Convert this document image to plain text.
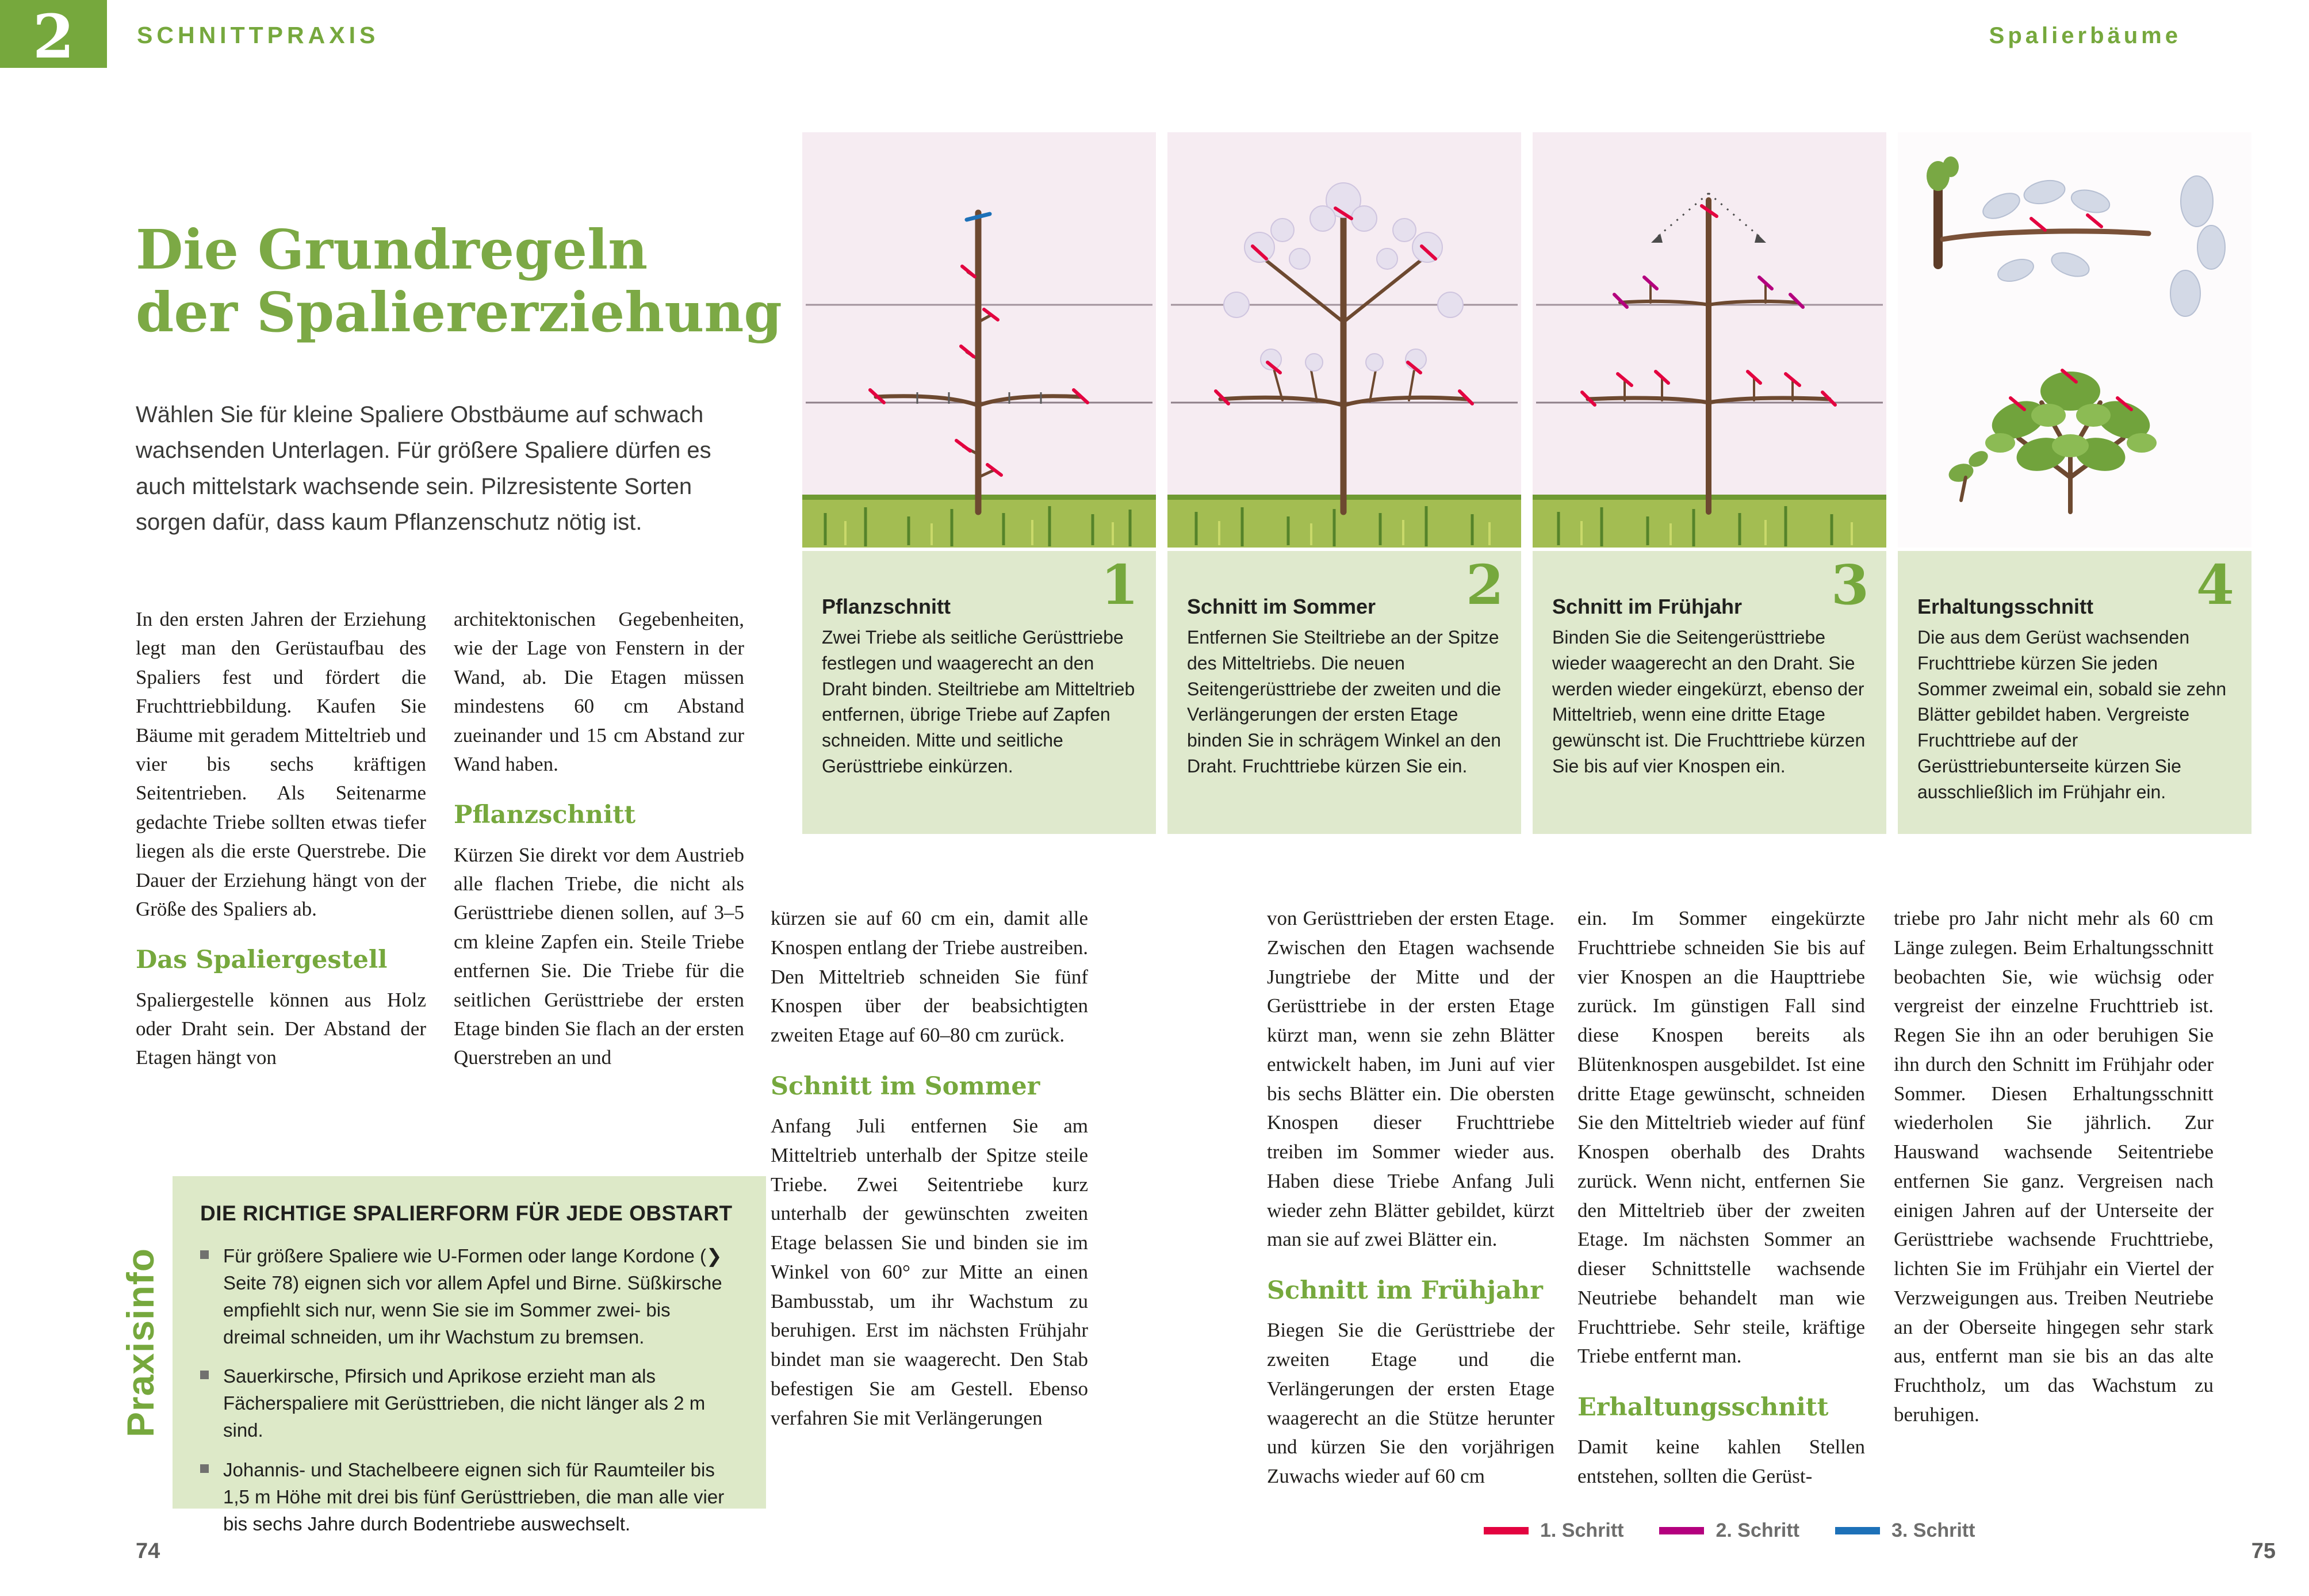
2	SCHNITTPRAXIS	Spalierbäume
Die Grundregeln
der Spaliererziehung
Wählen Sie für kleine Spaliere Obstbäume auf schwach wachsenden Unterlagen. Für größere Spaliere dürfen es auch mittelstark wachsende sein. Pilzresistente Sorten sorgen dafür, dass kaum Pflanzenschutz nötig ist.

In den ersten Jahren der Erziehung legt man den Gerüstaufbau des Spaliers fest und fördert die Fruchttriebbildung. Kaufen Sie Bäume mit geradem Mitteltrieb und vier bis sechs kräftigen Seitentrieben. Als Seitenarme gedachte Triebe sollten etwas tiefer liegen als die erste Querstrebe. Die Dauer der Erziehung hängt von der Größe des Spaliers ab.

Das Spaliergestell

Spaliergestelle können aus Holz oder Draht sein. Der Abstand der Etagen hängt von

architektonischen Gegebenheiten, wie der Lage von Fenstern in der Wand, ab. Die Etagen müssen mindestens 60 cm Abstand zueinander und 15 cm Abstand zur Wand haben.

Pflanzschnitt

Kürzen Sie direkt vor dem Austrieb alle flachen Triebe, die nicht als Gerüsttriebe dienen sollen, auf 3–5 cm kleine Zapfen ein. Steile Triebe entfernen Sie. Die Triebe für die seitlichen Gerüsttriebe der ersten Etage binden Sie flach an der ersten Querstreben an und

Praxisinfo
DIE RICHTIGE SPALIERFORM FÜR JEDE OBSTART
Für größere Spaliere wie U-Formen oder lange Kordone (❯ Seite 78) eignen sich vor allem Apfel und Birne. Süßkirsche empfiehlt sich nur, wenn Sie sie im Sommer zwei- bis dreimal schneiden, um ihr Wachstum zu bremsen.
Sauerkirsche, Pfirsich und Aprikose erzieht man als Fächerspaliere mit Gerüsttrieben, die nicht länger als 2 m sind.
Johannis- und Stachelbeere eignen sich für Raumteiler bis 1,5 m Höhe mit drei bis fünf Gerüsttrieben, die man alle vier bis sechs Jahre durch Bodentriebe auswechselt.
1
Pflanzschnitt
Zwei Triebe als seitliche Gerüsttriebe festlegen und waagerecht an den Draht binden. Steiltriebe am Mitteltrieb entfernen, übrige Triebe auf Zapfen schneiden. Mitte und seitliche Gerüsttriebe einkürzen.
2
Schnitt im Sommer
Entfernen Sie Steiltriebe an der Spitze des Mitteltriebs. Die neuen Seitengerüsttriebe der zweiten und die Verlängerungen der ersten Etage binden Sie in schrägem Winkel an den Draht. Fruchttriebe kürzen Sie ein.
3
Schnitt im Frühjahr
Binden Sie die Seitengerüsttriebe wieder waagerecht an den Draht. Sie werden wieder eingekürzt, ebenso der Mitteltrieb, wenn eine dritte Etage gewünscht ist. Die Fruchttriebe kürzen Sie bis auf vier Knospen ein.
4
Erhaltungsschnitt
Die aus dem Gerüst wachsenden Fruchttriebe kürzen Sie jeden Sommer zweimal ein, sobald sie zehn Blätter gebildet haben. Vergreiste Fruchttriebe auf der Gerüsttriebunterseite kürzen Sie ausschließlich im Frühjahr ein.

kürzen sie auf 60 cm ein, damit alle Knospen entlang der Triebe austreiben. Den Mitteltrieb schneiden Sie fünf Knospen über der beabsichtigten zweiten Etage auf 60–80 cm zurück.

Schnitt im Sommer

Anfang Juli entfernen Sie am Mitteltrieb unterhalb der Spitze steile Triebe. Zwei Seitentriebe kurz unterhalb der gewünschten zweiten Etage belassen Sie und binden sie im Winkel von 60° zur Mitte an einen Bambusstab, um ihr Wachstum zu beruhigen. Erst im nächsten Frühjahr bindet man sie waagerecht. Den Stab befestigen Sie am Gestell. Ebenso verfahren Sie mit Verlängerungen

von Gerüsttrieben der ersten Etage. Zwischen den Etagen wachsende Jungtriebe der Mitte und der Gerüsttriebe in der ersten Etage kürzt man, wenn sie zehn Blätter entwickelt haben, im Juni auf vier bis sechs Blätter ein. Die obersten Knospen dieser Fruchttriebe treiben im Sommer wieder aus. Haben diese Triebe Anfang Juli wieder zehn Blätter gebildet, kürzt man sie auf zwei Blätter ein.

Schnitt im Frühjahr

Biegen Sie die Gerüsttriebe der zweiten Etage und die Verlängerungen der ersten Etage waagerecht an die Stütze herunter und kürzen Sie den vorjährigen Zuwachs wieder auf 60 cm

ein. Im Sommer eingekürzte Fruchttriebe schneiden Sie bis auf vier Knospen an die Haupttriebe zurück. Im günstigen Fall sind diese Knospen bereits als Blütenknospen ausgebildet. Ist eine dritte Etage gewünscht, schneiden Sie den Mitteltrieb wieder auf fünf Knospen oberhalb des Drahts zurück. Wenn nicht, entfernen Sie den Mitteltrieb über der zweiten Etage. Im nächsten Sommer an dieser Schnittstelle wachsende Neutriebe behandelt man wie Fruchttriebe. Sehr steile, kräftige Triebe entfernt man.

Erhaltungsschnitt

Damit keine kahlen Stellen entstehen, sollten die Gerüst-

triebe pro Jahr nicht mehr als 60 cm Länge zulegen. Beim Erhaltungsschnitt beobachten Sie, wie wüchsig oder vergreist der einzelne Fruchttrieb ist. Regen Sie ihn an oder beruhigen Sie ihn durch den Schnitt im Frühjahr oder Sommer. Diesen Erhaltungsschnitt wiederholen Sie jährlich. Zur Hauswand wachsende Seitentriebe entfernen Sie ganz. Vergreisen nach einigen Jahren auf der Unterseite der Gerüsttriebe wachsende Fruchttriebe, lichten Sie im Frühjahr ein Viertel der Verzweigungen aus. Treiben Neutriebe an der Oberseite hingegen sehr stark aus, entfernt man sie bis an das alte Fruchtholz, um das Wachstum zu beruhigen.

1. Schritt	2. Schritt	3. Schritt
74	75
